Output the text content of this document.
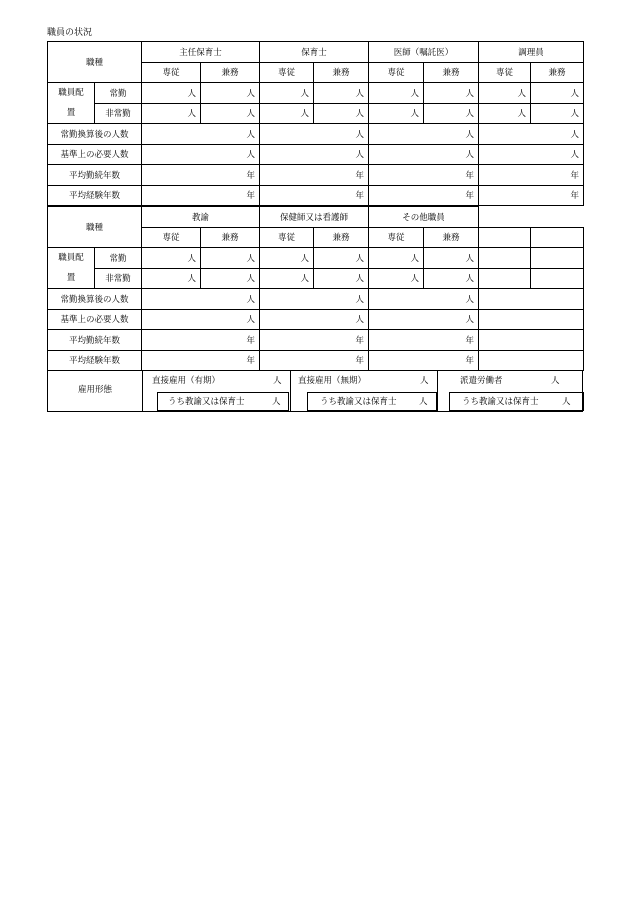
職員の状況
職種		主任保育士		保育士		医師（嘱託医）		調理員	
		専従	兼務	専従	兼務	専従	兼務	専従	兼務
職員配置	常勤	人	人	人	人	人	人	人	人
	非常勤	人	人	人	人	人	人	人	人
常勤換算後の人数		人		人		人		人	
基準上の必要人数		人		人		人		人	
平均勤続年数		年		年		年		年	
平均経験年数		年		年		年		年	
職種		教諭		保健師又は看護師		その他職員			
		専従	兼務	専従	兼務	専従	兼務		
職員配置	常勤	人	人	人	人	人	人		
	非常勤	人	人	人	人	人	人		
常勤換算後の人数		人		人		人			
基準上の必要人数		人		人		人			
平均勤続年数		年		年		年			
平均経験年数		年		年		年			
雇用形態
直接雇用（有期）	人
うち教諭又は保育士	人
直接雇用（無期）	人
うち教諭又は保育士	人
派遣労働者	人
うち教諭又は保育士	人
